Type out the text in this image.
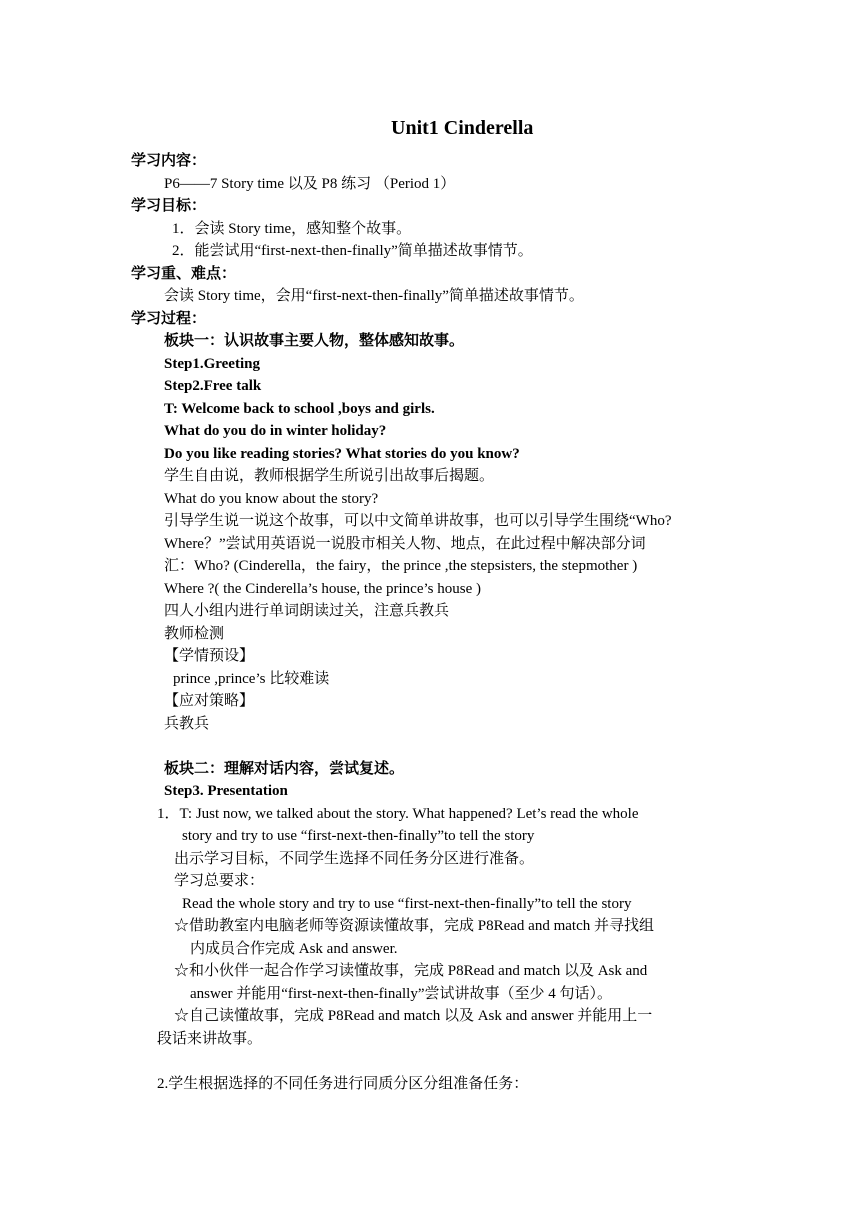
Unit1 Cinderella
学习内容：
P6——7 Story time 以及 P8 练习 （Period 1）
学习目标：
1．会读 Story time，感知整个故事。
2．能尝试用“first-next-then-finally”简单描述故事情节。
学习重、难点：
会读 Story time，会用“first-next-then-finally”简单描述故事情节。
学习过程：
板块一：认识故事主要人物，整体感知故事。
Step1.Greeting
Step2.Free talk
T: Welcome back to school ,boys and girls.
What do you do in winter holiday?
Do you like reading stories? What stories do you know?
学生自由说，教师根据学生所说引出故事后揭题。
What do you know about the story?
引导学生说一说这个故事，可以中文简单讲故事，也可以引导学生围绕“Who?
Where？”尝试用英语说一说股市相关人物、地点，在此过程中解决部分词
汇：Who? (Cinderella，the fairy，the prince ,the stepsisters, the stepmother )
Where ?( the Cinderella’s house, the prince’s house )
四人小组内进行单词朗读过关，注意兵教兵
教师检测
【学情预设】
prince ,prince’s 比较难读
【应对策略】
兵教兵
板块二：理解对话内容，尝试复述。
Step3. Presentation
1．T: Just now, we talked about the story. What happened? Let’s read the whole
story and try to use “first-next-then-finally”to tell the story
出示学习目标，不同学生选择不同任务分区进行准备。
学习总要求：
Read the whole story and try to use “first-next-then-finally”to tell the story
☆借助教室内电脑老师等资源读懂故事，完成 P8Read and match 并寻找组
内成员合作完成 Ask and answer.
☆和小伙伴一起合作学习读懂故事，完成 P8Read and match 以及 Ask and
answer 并能用“first-next-then-finally”尝试讲故事（至少 4 句话）。
☆自己读懂故事，完成 P8Read and match 以及 Ask and answer 并能用上一
段话来讲故事。
2.学生根据选择的不同任务进行同质分区分组准备任务：
